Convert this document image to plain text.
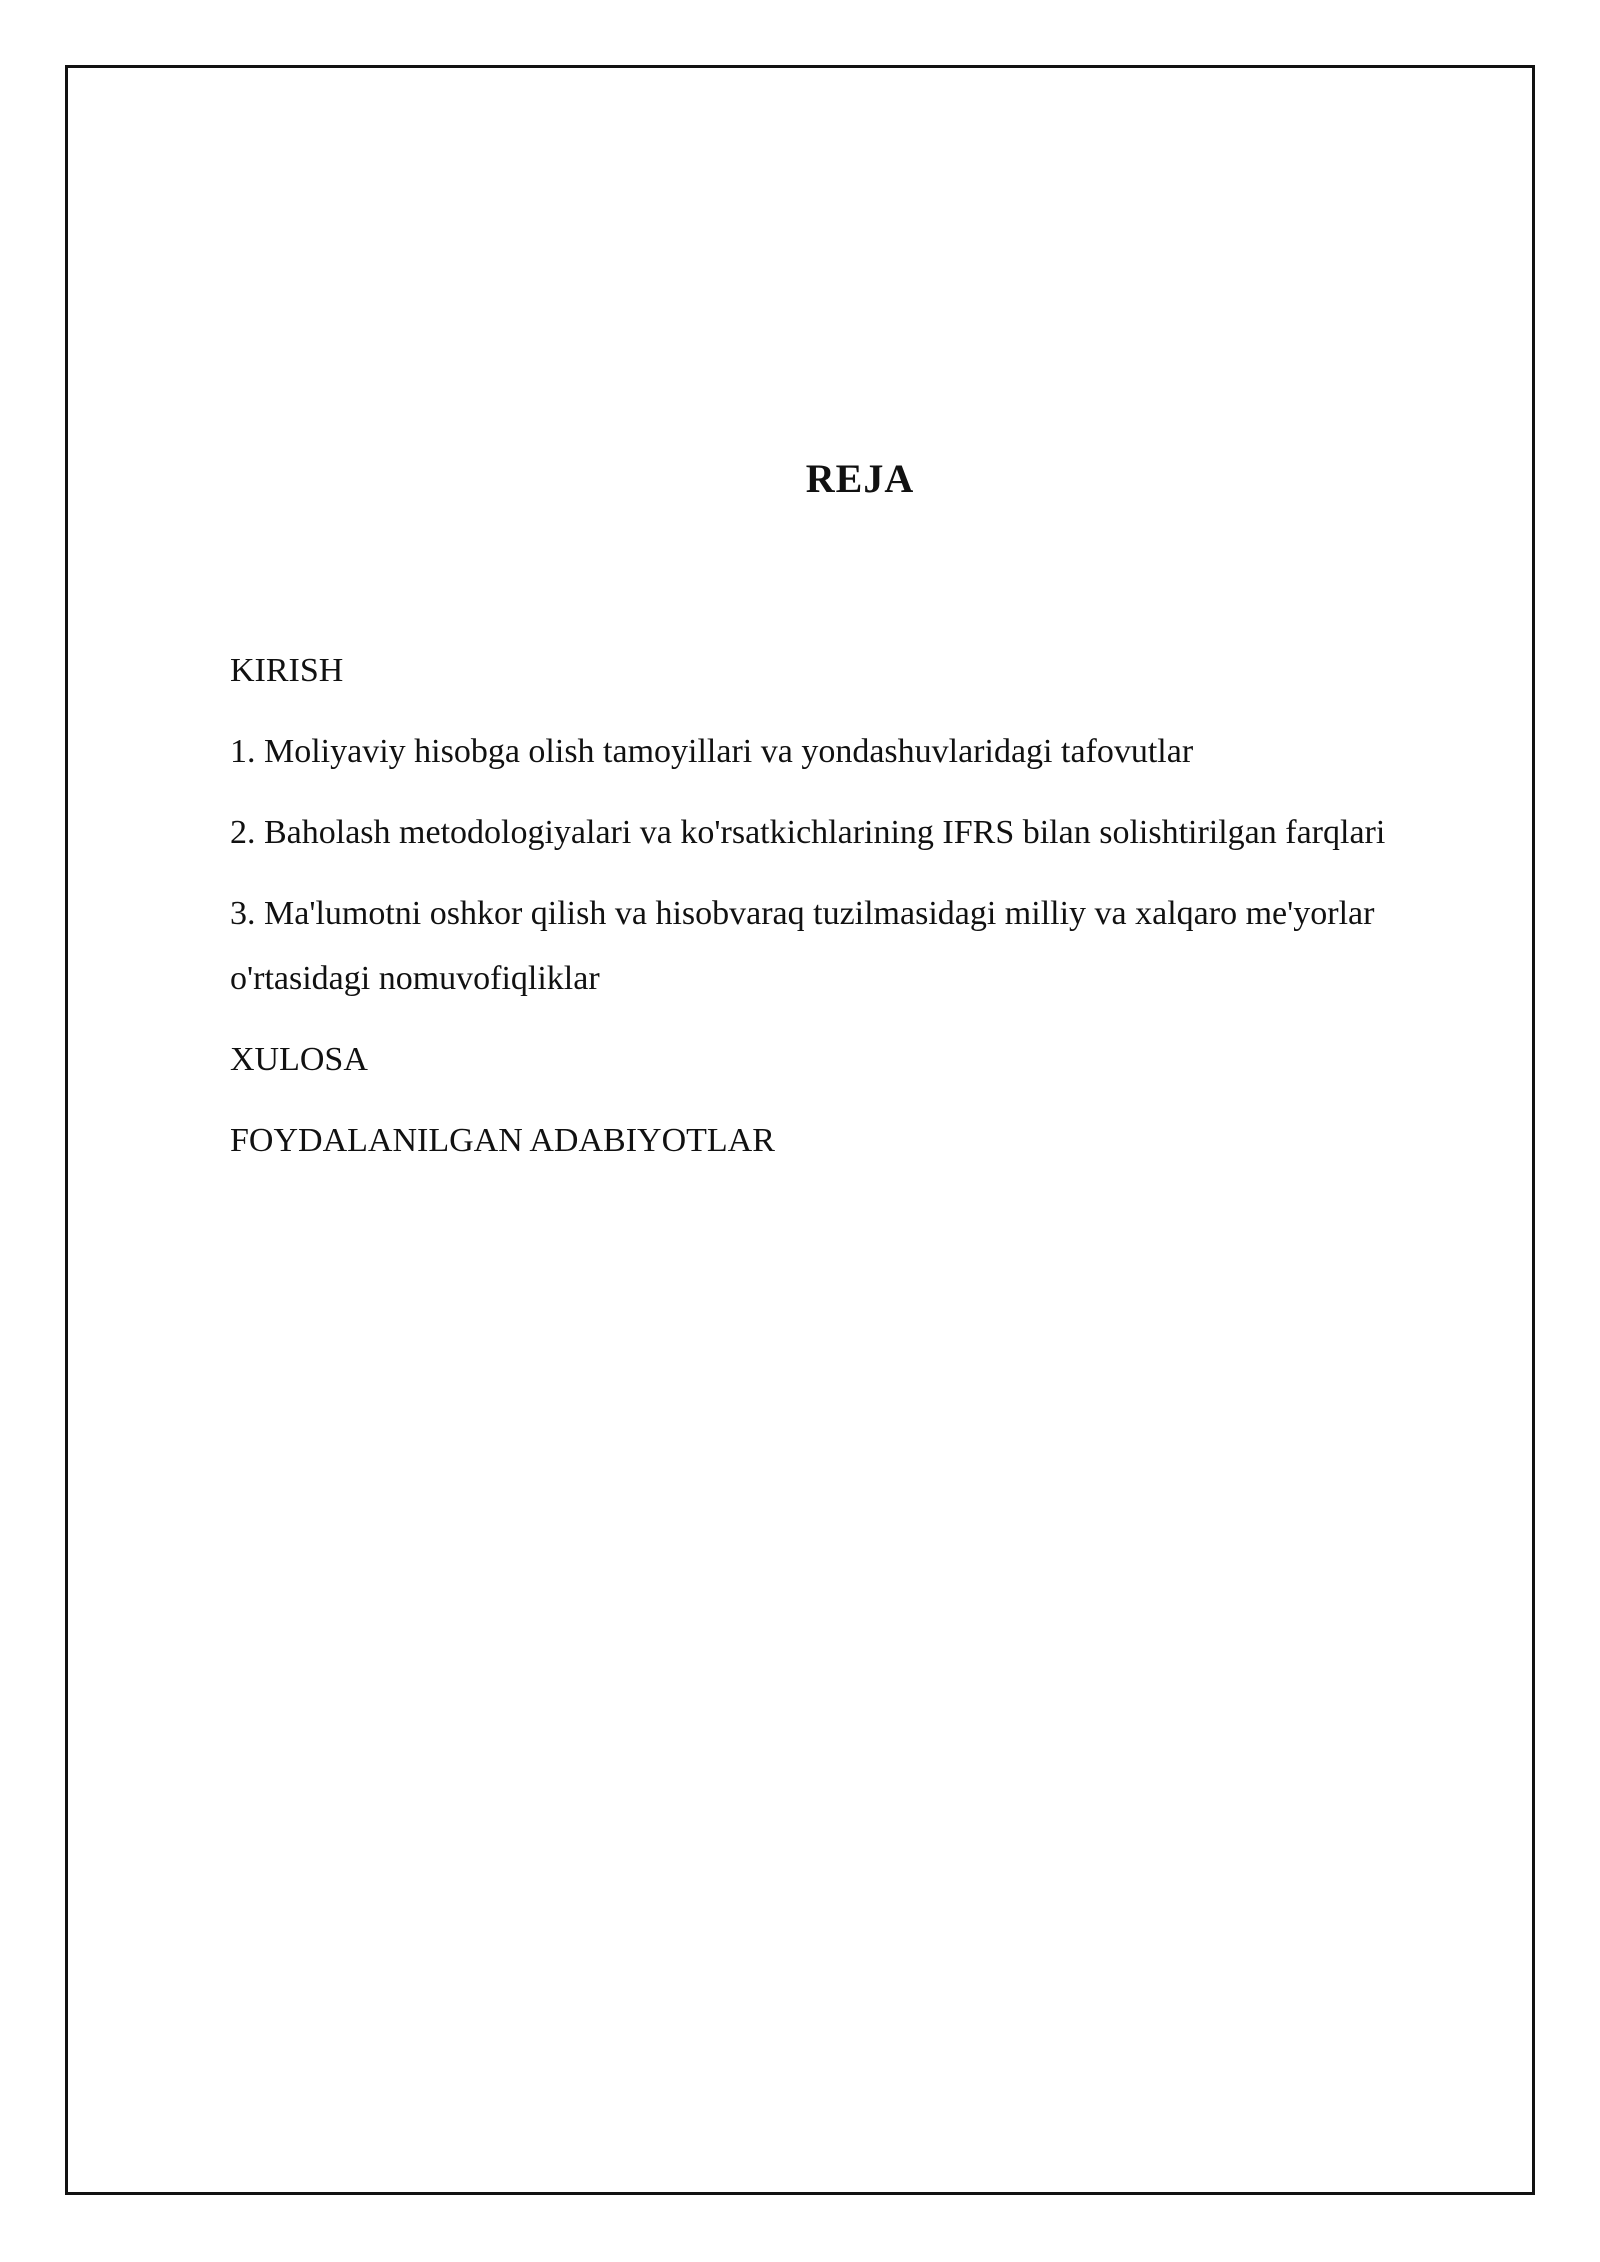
REJA
KIRISH
1. Moliyaviy hisobga olish tamoyillari va yondashuvlaridagi tafovutlar
2. Baholash metodologiyalari va ko'rsatkichlarining IFRS bilan solishtirilgan farqlari
3. Ma'lumotni oshkor qilish va hisobvaraq tuzilmasidagi milliy va xalqaro me'yorlar o'rtasidagi nomuvofiqliklar
XULOSA
FOYDALANILGAN ADABIYOTLAR
